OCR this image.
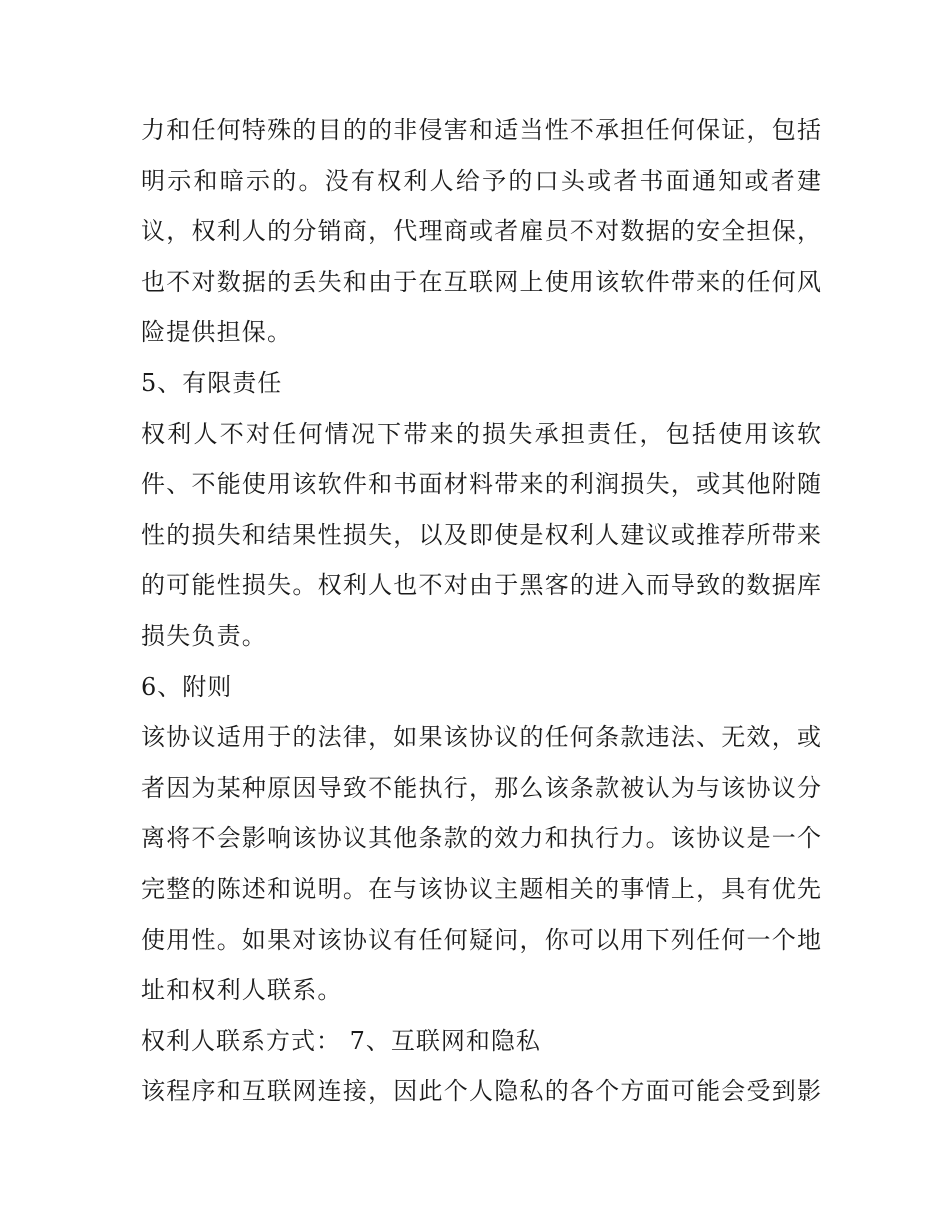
力和任何特殊的目的的非侵害和适当性不承担任何保证，包括
明示和暗示的。没有权利人给予的口头或者书面通知或者建
议，权利人的分销商，代理商或者雇员不对数据的安全担保，
也不对数据的丢失和由于在互联网上使用该软件带来的任何风
险提供担保。
5、有限责任
权利人不对任何情况下带来的损失承担责任，包括使用该软
件、不能使用该软件和书面材料带来的利润损失，或其他附随
性的损失和结果性损失，以及即使是权利人建议或推荐所带来
的可能性损失。权利人也不对由于黑客的进入而导致的数据库
损失负责。
6、附则
该协议适用于的法律，如果该协议的任何条款违法、无效，或
者因为某种原因导致不能执行，那么该条款被认为与该协议分
离将不会影响该协议其他条款的效力和执行力。该协议是一个
完整的陈述和说明。在与该协议主题相关的事情上，具有优先
使用性。如果对该协议有任何疑问，你可以用下列任何一个地
址和权利人联系。
权利人联系方式： 7、互联网和隐私
该程序和互联网连接，因此个人隐私的各个方面可能会受到影
